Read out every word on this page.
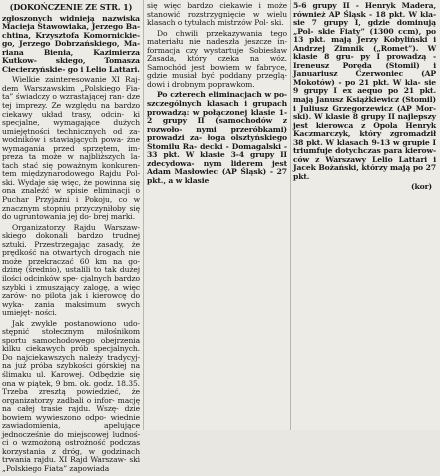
(DOKOŃCZENIE ZE STR. 1)

zgłoszonych widnieją nazwiska Macieja Stawowiaka, Jerzego Ba- chtina, Krzysztofa Komornickie- go, Jerzego Dobrzańskiego, Ma- riana Bienia, Kazimierza Kutkow- skiego, Tomasza Ciecierzyńskie- go i Lelio Lattari.

Wielkie zainteresowanie XI Raj- dem Warszawskim „Polskiego Fia- ta” świadczy o wzrastającej ran- dze tej imprezy. Ze względu na bardzo ciekawy układ trasy, odcin- ki specjalne, wymagające dużych umiejętności technicznych od za- wodników i stawiających powa- żne wymagania przed sprzętem, im- preza ta może w najbliższych la- tach stać się poważnym konkuren- tem międzynarodowego Rajdu Pol- ski. Wydaje się więc, że powinna się ona znaleźć w spisie eliminacji o Puchar Przyjaźni i Pokoju, co w znacznym stopniu przyczyniłoby się do ugruntowania jej do- brej marki.

Organizatorzy Rajdu Warszaw- skiego dokonali bardzo trudnej sztuki. Przestrzegając zasady, że prędkość na otwartych drogach nie może przekraczać 60 km na go- dzinę (średnio), ustalili to tak dużej ilości odcinków spe- cjalnych bardzo szybki i zmuszający zalogę, a więc zarów- no pilota jak i kierowcę do wyka- zania maksimum swych umiejęt- ności.

Jak zwykle postanowiono udo- stępnić stołecznym miłośnikom sportu samochodowego obejrzenia kilku ciekawych prób specjalnych. Do najciekawszych należy tradycyj- na już próba szybkości górskiej na ślimaku ul. Karowej. Odbędzie się ona w piątek, 9 bm. ok. godz. 18.35. Trzeba zresztą powiedzieć, że organizatorzy zadbali o infor- mację na całej trasie rajdu. Wszę- dzie bowiem wywieszono odpo- wiednie zawiadomienia, apelujące jednocześnie do miejscowej ludnoś- ci o wzmożoną ostrożność podczas korzystania z dróg, w godzinach trwania rajdu. XI Rajd Warszaw- ski „Polskiego Fiata” zapowiada

się więc bardzo ciekawie i może stanowić rozstrzygnięcie w wielu klasach o tytułach mistrzów Pol- ski.

Do chwili przekazywania tego materiału nie nadeszła jeszcze in- formacja czy wystartuje Sobiesław Zasada, który czeka na wóz. Samochód jest bowiem w fabryce, gdzie musiał być poddany przeglą- dowi i drobnym poprawkom.

Po czterech eliminacjach w po- szczególnych klasach i grupach prowadzą: w połączonej klasie 1-2 grupy II (samochodów z rozwoło- nymi przeróbkami) prowadzi za- łoga olsztyńskiego Stomilu Ra- decki - Domagalski - 33 pkt. W klasie 3-4 grupy II zdecydowa- nym liderem jest Adam Masłowiec (AP Śląsk) - 27 pkt., a w klasie

5-6 grupy II - Henryk Madera, również AP Śląsk - 18 pkt. W kla- sie 7 grupy I, gdzie dominują „Pol- skie Fiaty” (1300 ccm), po 13 pkt. mają Jerzy Kobyliński i Andrzej Zimnik („Romet”). W klasie 8 gru- py I prowadzą - Ireneusz Poręda (Stomil) i Januariusz Czerwoniec (AP Mokotów) - po 21 pkt. W kla- sie 9 grupy I ex aequo po 21 pkt. mają Janusz Książkiewicz (Stomil) i Juliusz Grzegorzewicz (AP Mor- ski). W klasie 8 grupy II najlepszy jest kierowca z Opola Henryk Kaczmarczyk, który zgromadził 38 pkt. W klasach 9-13 w grupie I triumfuje dotychczas para kierow- ców z Warszawy Lelio Lattari i Jacek Bożański, którzy mają po 27 pkt.

(kor)
